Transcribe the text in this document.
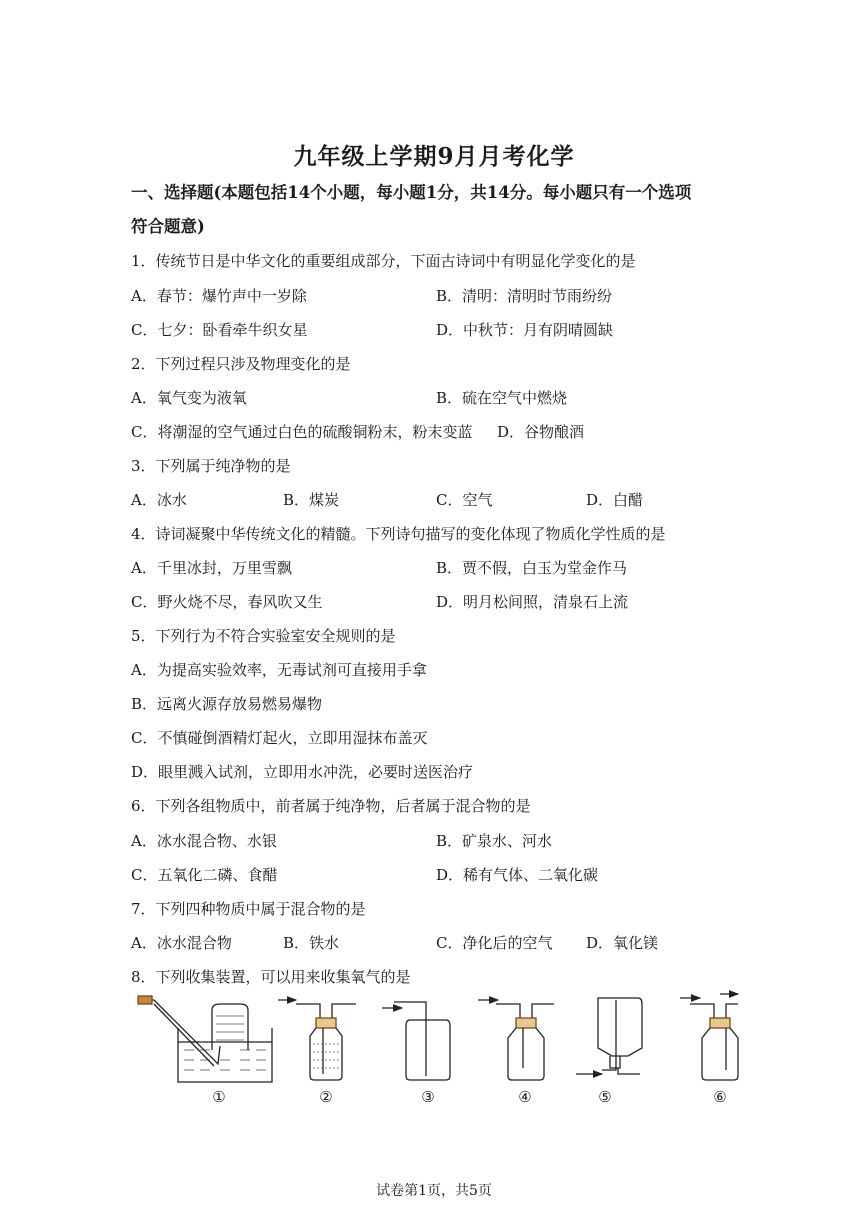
九年级上学期9月月考化学
一、选择题(本题包括14个小题，每小题1分，共14分。每小题只有一个选项
符合题意)
1．传统节日是中华文化的重要组成部分，下面古诗词中有明显化学变化的是
A．春节：爆竹声中一岁除	B．清明：清明时节雨纷纷
C．七夕：卧看牵牛织女星	D．中秋节：月有阴晴圆缺
2．下列过程只涉及物理变化的是
A．氧气变为液氧	B．硫在空气中燃烧
C．将潮湿的空气通过白色的硫酸铜粉末，粉末变蓝 D．谷物酿酒
3．下列属于纯净物的是
A．冰水	B．煤炭	C．空气	D．白醋
4．诗词凝聚中华传统文化的精髓。下列诗句描写的变化体现了物质化学性质的是
A．千里冰封，万里雪飘	B．贾不假，白玉为堂金作马
C．野火烧不尽，春风吹又生	D．明月松间照，清泉石上流
5．下列行为不符合实验室安全规则的是
A．为提高实验效率，无毒试剂可直接用手拿
B．远离火源存放易燃易爆物
C．不慎碰倒酒精灯起火，立即用湿抹布盖灭
D．眼里溅入试剂，立即用水冲洗，必要时送医治疗
6．下列各组物质中，前者属于纯净物，后者属于混合物的是
A．冰水混合物、水银	B．矿泉水、河水
C．五氧化二磷、食醋	D．稀有气体、二氧化碳
7．下列四种物质中属于混合物的是
A．冰水混合物	B．铁水	C．净化后的空气 D．氧化镁
8．下列收集装置，可以用来收集氧气的是
①	②	③	④	⑤	⑥
试卷第1页，共5页
